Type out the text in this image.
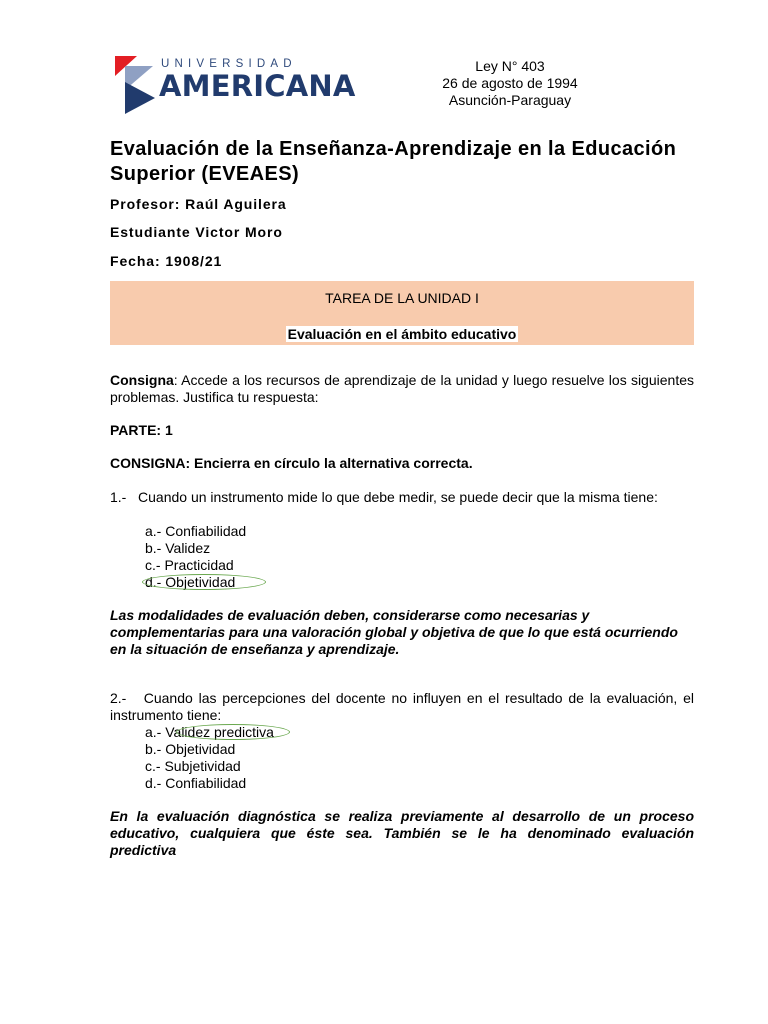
UNIVERSIDAD
AMERICANA
Ley N° 403
26 de agosto de 1994
Asunción-Paraguay
Evaluación de la Enseñanza-Aprendizaje en la Educación Superior (EVEAES)
Profesor: Raúl Aguilera
Estudiante Victor Moro
Fecha: 1908/21
TAREA DE LA UNIDAD I
Evaluación en el ámbito educativo
Consigna: Accede a los recursos de aprendizaje de la unidad y luego resuelve los siguientes problemas. Justifica tu respuesta:
PARTE: 1
CONSIGNA: Encierra en círculo la alternativa correcta.
1.-   Cuando un instrumento mide lo que debe medir, se puede decir que la misma tiene:
a.- Confiabilidad
b.- Validez
c.- Practicidad
d.- Objetividad
Las modalidades de evaluación deben, considerarse como necesarias y complementarias para una valoración global y objetiva de que lo que está ocurriendo en la situación de enseñanza y aprendizaje.
2.-   Cuando las percepciones del docente no influyen en el resultado de la evaluación, el instrumento tiene:
a.- Validez predictiva
b.- Objetividad
c.- Subjetividad
d.- Confiabilidad
En la evaluación diagnóstica se realiza previamente al desarrollo de un proceso educativo, cualquiera que éste sea. También se le ha denominado evaluación predictiva
